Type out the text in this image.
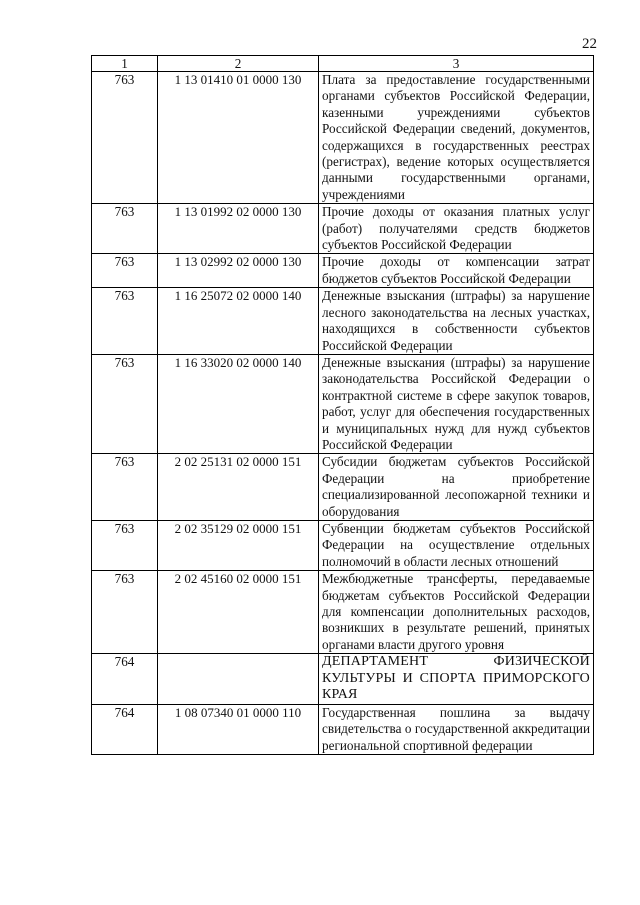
22
1	2	3
763	1 13 01410 01 0000 130	Плата за предоставление государственными органами субъектов Российской Федерации, казенными учреждениями субъектов Российской Федерации сведений, документов, содержащихся в государственных реестрах (регистрах), ведение которых осуществляется данными государственными органами, учреждениями
763	1 13 01992 02 0000 130	Прочие доходы от оказания платных услуг (работ) получателями средств бюджетов субъектов Российской Федерации
763	1 13 02992 02 0000 130	Прочие доходы от компенсации затрат бюджетов субъектов Российской Федерации
763	1 16 25072 02 0000 140	Денежные взыскания (штрафы) за нарушение лесного законодательства на лесных участках, находящихся в собственности субъектов Российской Федерации
763	1 16 33020 02 0000 140	Денежные взыскания (штрафы) за нарушение законодательства Российской Федерации о контрактной системе в сфере закупок товаров, работ, услуг для обеспечения государственных и муниципальных нужд для нужд субъектов Российской Федерации
763	2 02 25131 02 0000 151	Субсидии бюджетам субъектов Российской Федерации на приобретение специализированной лесопожарной техники и оборудования
763	2 02 35129 02 0000 151	Субвенции бюджетам субъектов Российской Федерации на осуществление отдельных полномочий в области лесных отношений
763	2 02 45160 02 0000 151	Межбюджетные трансферты, передаваемые бюджетам субъектов Российской Федерации для компенсации дополнительных расходов, возникших в результате решений, принятых органами власти другого уровня
764		ДЕПАРТАМЕНТ ФИЗИЧЕСКОЙ КУЛЬТУРЫ И СПОРТА ПРИМОРСКОГО КРАЯ
764	1 08 07340 01 0000 110	Государственная пошлина за выдачу свидетельства о государственной аккредитации региональной спортивной федерации
